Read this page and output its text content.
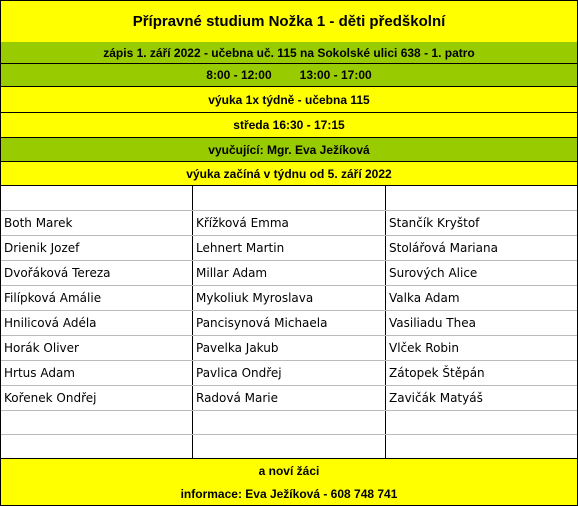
Přípravné studium Nožka 1 - děti předškolní
zápis 1. září 2022 - učebna uč. 115 na Sokolské ulici 638 - 1. patro
8:00 - 12:00 13:00 - 17:00
výuka 1x týdně - učebna 115
středa 16:30 - 17:15
vyučující: Mgr. Eva Ježíková
výuka začíná v týdnu od 5. září 2022
Both Marek	Křížková Emma	Stančík Kryštof
Drienik Jozef	Lehnert Martin	Stolářová Mariana
Dvořáková Tereza	Millar Adam	Surových Alice
Filípková Amálie	Mykoliuk Myroslava	Valka Adam
Hnilicová Adéla	Pancisynová Michaela	Vasiliadu Thea
Horák Oliver	Pavelka Jakub	Vlček Robin
Hrtus Adam	Pavlica Ondřej	Zátopek Štěpán
Kořenek Ondřej	Radová Marie	Zavičák Matyáš
a noví žáci
informace: Eva Ježíková - 608 748 741
